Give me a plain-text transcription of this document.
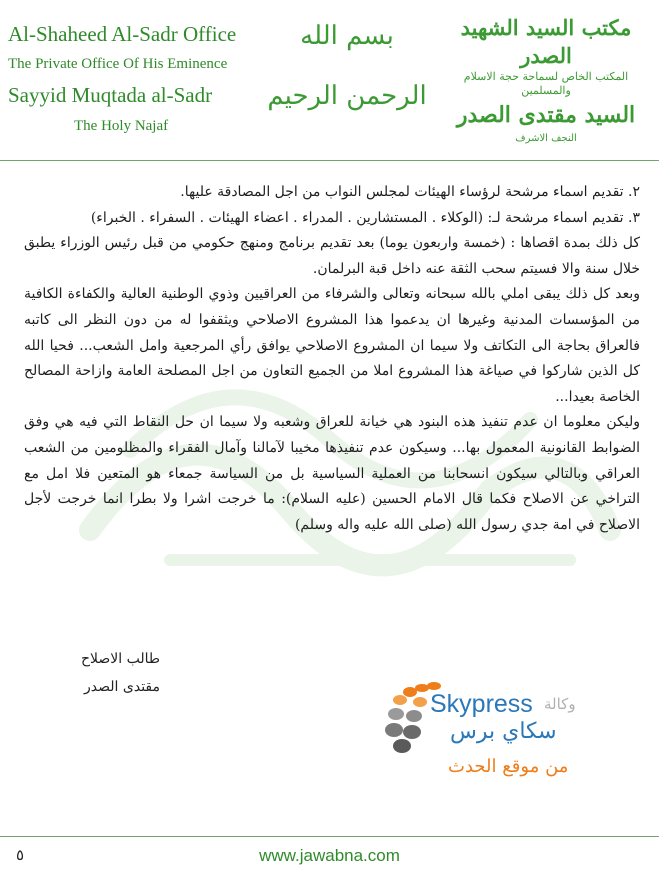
Al-Shaheed Al-Sadr Office
The Private Office Of His Eminence
Sayyid Muqtada al-Sadr
The Holy Najaf
بسم الله الرحمن الرحيم
مكتب السيد الشهيد الصدر
المكتب الخاص لسماحة حجة الاسلام والمسلمين
السيد مقتدى الصدر
النجف الاشرف

٢. تقديم اسماء مرشحة لرؤساء الهيئات لمجلس النواب من اجل المصادقة عليها.

٣. تقديم اسماء مرشحة لـ: (الوكلاء . المستشارين . المدراء . اعضاء الهيئات . السفراء . الخبراء)

كل ذلك بمدة اقصاها : (خمسة واربعون يوما) بعد تقديم برنامج ومنهج حكومي من قبل رئيس الوزراء يطبق خلال سنة والا فسيتم سحب الثقة عنه داخل قبة البرلمان.

وبعد كل ذلك يبقى املي بالله سبحانه وتعالى والشرفاء من العراقيين وذوي الوطنية العالية والكفاءة الكافية من المؤسسات المدنية وغيرها ان يدعموا هذا المشروع الاصلاحي ويثقفوا له من دون النظر الى كاتبه فالعراق بحاجة الى التكاتف ولا سيما ان المشروع الاصلاحي يوافق رأي المرجعية وامل الشعب... فحيا الله كل الذين شاركوا في صياغة هذا المشروع املا من الجميع التعاون من اجل المصلحة العامة وازاحة المصالح الخاصة بعيدا...

وليكن معلوما ان عدم تنفيذ هذه البنود هي خيانة للعراق وشعبه ولا سيما ان حل النقاط التي فيه هي وفق الضوابط القانونية المعمول بها... وسيكون عدم تنفيذها مخيبا لآمالنا وآمال الفقراء والمظلومين من الشعب العراقي وبالتالي سيكون انسحابنا من العملية السياسية بل من السياسة جمعاء هو المتعين فلا امل مع التراخي عن الاصلاح فكما قال الامام الحسين (عليه السلام): ما خرجت اشرا ولا بطرا انما خرجت لأجل الاصلاح في امة جدي رسول الله (صلى الله عليه واله وسلم)

طالب الاصلاح
مقتدى الصدر
Skypress وكالة
سكاي برس
من موقع الحدث
٥	www.jawabna.com
